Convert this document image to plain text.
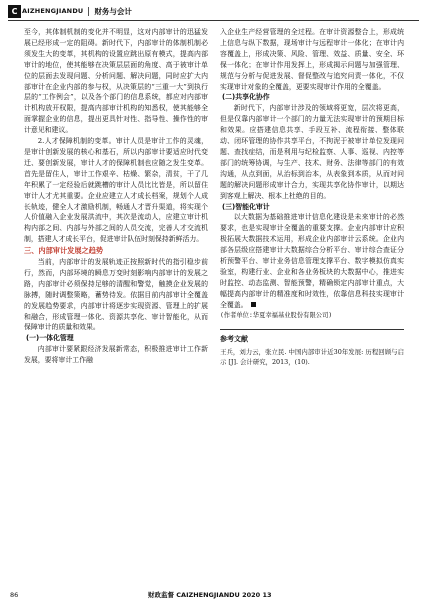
C AIZHENGJIANDU 财务与会计

至今，其体制机制的变化并不明显，这对内部审计的迅猛发展已经形成一定的阻碍。新时代下，内部审计的体制机制必须发生大的变革，其机构的设置应跳出原有模式，提高内部审计的地位，使其能够在决策层层面的角度、高于被审计单位的层面去发现问题、分析问题、解决问题，同时应扩大内部审计在企业内部的参与权，从决策层的“三重一大”到执行层的“工作例会”，以及各个部门的信息系统，都应对内部审计机构放开权限，提高内部审计机构的知悉权，使其能够全面掌握企业的信息，提出更具针对性、指导性、操作性的审计意见和建议。

2.人才保障机制的变革。审计人员是审计工作的灵魂，是审计创新发展的核心和基石，所以内部审计要适应时代变迁、要创新发展，审计人才的保障机制也应随之发生变革。首先是留住人，审计工作艰辛、枯燥、繁杂，清贫，干了几年积累了一定经验后就跳槽的审计人员比比皆是，所以留住审计人才尤其重要。企业应建立人才成长档案，规划个人成长轨迹，健全人才激励机制，畅通人才晋升渠道，将实现个人价值融入企业发展洪流中，其次是流动人，应建立审计机构内部之间、内部与外部之间的人员交流，完善人才交流机制，搭建人才成长平台，促进审计队伍时刻保持新鲜活力。

三、内部审计发展之趋势

当前，内部审计的发展轨迹正按照新时代的指引稳步前行，然而，内部环境的瞬息万变时刻影响内部审计的发展之路，内部审计必须保持足够的清醒和警觉，触摸企业发展的脉搏，随时调整策略，蓄势待发。依据目前内部审计全覆盖的发展趋势要求，内部审计将逐步实现资源、管理上的扩展和融合，形成管理一体化、资源共享化、审计智能化，从而保障审计的质量和效果。

(一)一体化管理

内部审计要紧跟经济发展新常态，积极推进审计工作新发展，要将审计工作融

入企业生产经营管理的全过程。在审计资源整合上，形成统上信息与纵下数据，现场审计与远程审计一体化；在审计内容覆盖上，形成决策、风险、管理、效益、质量、安全、环保一体化；在审计作用发挥上，形成揭示问题与加强管理、规范与分析与促进发展、督促整改与追究问责一体化，不仅实现审计对象的全覆盖，更要实现审计作用的全覆盖。

(二)共享化协作

新时代下，内部审计涉及的领域将更宽，层次将更高，但是仅靠内部审计一个部门的力量无法实现审计的预期目标和效果。应搭建信息共享、手段互补、流程衔接、整体联动、闭环管理的协作共享平台，不拘泥于被审计单位发现问题、查找症结，而是利用与纪检监察、人事、巡视、内控等部门的统筹协调，与生产、技术、财务、法律等部门的有效沟通，从点到面，从治标到治本，从表象到本质，从而对问题的解决问题形成审计合力，实现共享化协作审计，以期达到客观上解决、根本上杜绝的目的。

(三)智能化审计

以大数据为基础推进审计信息化建设是未来审计的必然要求，也是实现审计全覆盖的重要支撑。企业内部审计应积极拓展大数据技术运用，形成企业内部审计云系统。企业内部各层级应搭建审计大数据综合分析平台、审计综合查证分析预警平台、审计业务信息管理支撑平台、数字模拟仿真实验室，构建行业、企业和各业务板块的大数据中心，推进实时监控、动态监测、智能预警，精确锁定内部审计重点，大幅提高内部审计的精准度和时效性，依靠信息科技实现审计全覆盖。

(作者单位:华夏幸福基业股份有限公司)

参考文献

王兵，刘力云，张立民. 中国内部审计近30年发展: 历程回顾与启示 [J]. 会计研究，2013，(10).

86	财政监督 CAIZHENGJIANDU 2020 13
